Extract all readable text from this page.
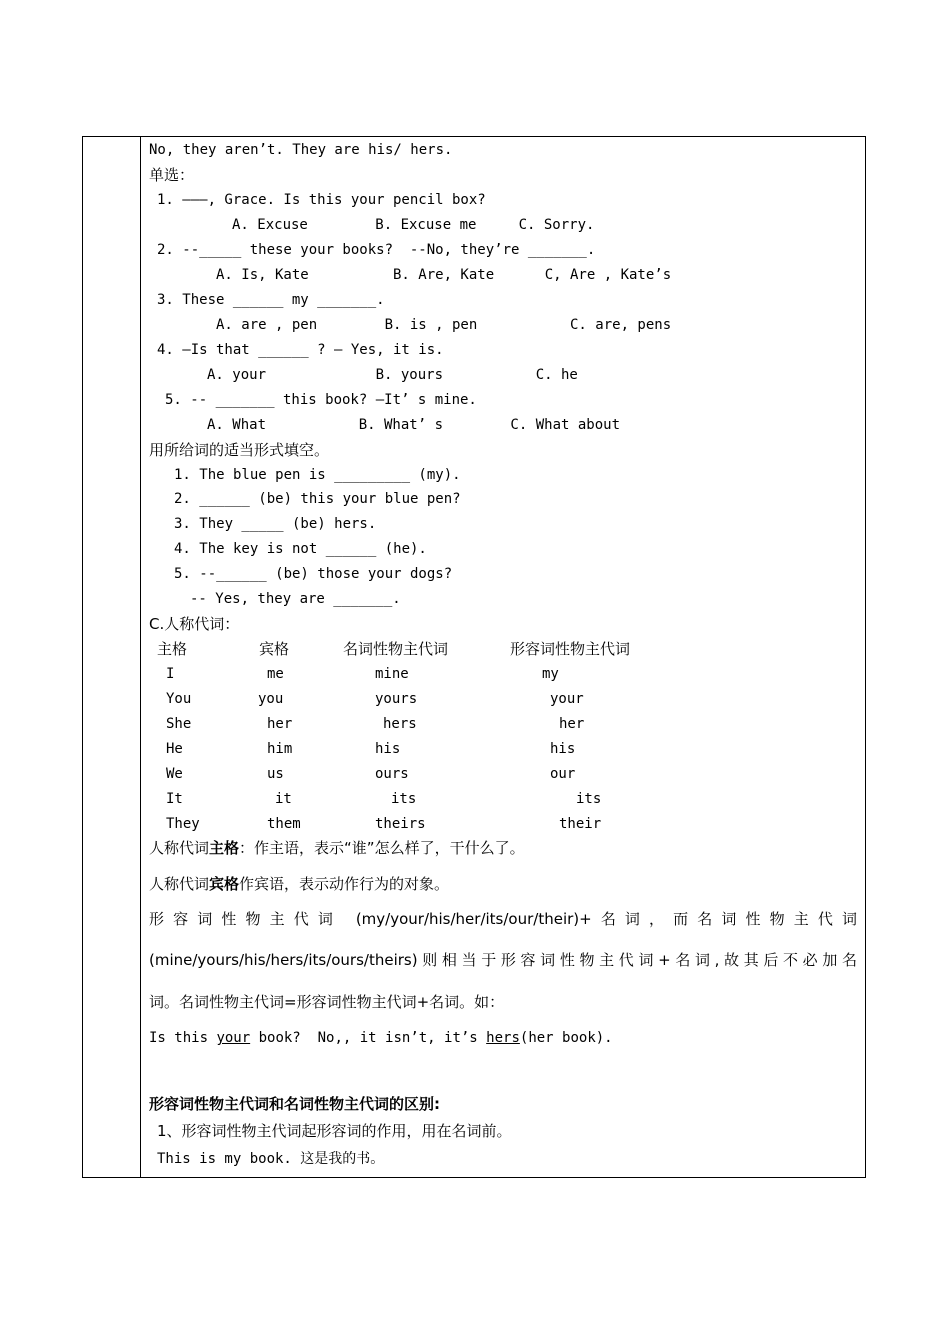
No, they aren’t. They are his/ hers.
单选：
1. ———, Grace. Is this your pencil box?
A. Excuse        B. Excuse me     C. Sorry.
2. --_____ these your books?  --No, they’re _______.
A. Is, Kate          B. Are, Kate      C, Are , Kate’s
3. These ______ my _______.
A. are , pen        B. is , pen           C. are, pens
4. –Is that ______ ? – Yes, it is.
A. your             B. yours           C. he
5. -- _______ this book? –It’ s mine.
A. What           B. What’ s        C. What about
用所给词的适当形式填空。
1. The blue pen is _________ (my).
2. ______ (be) this your blue pen?
3. They _____ (be) hers.
4. The key is not ______ (he).
5. --______ (be) those your dogs?
-- Yes, they are _______.
C.人称代词：
主格	宾格	名词性物主代词	形容词性物主代词
I	me	mine	my
You	you	yours	your
She	her	hers	her
He	him	his	his
We	us	ours	our
It	it	its	its
They	them	theirs	their
人称代词主格：作主语，表示“谁”怎么样了，干什么了。
人称代词宾格作宾语，表示动作行为的对象。
形容词性物主代词 (my/your/his/her/its/our/their)+名词，而名词性物主代词
(mine/yours/his/hers/its/ours/theirs)则相当于形容词性物主代词+名词,故其后不必加名
词。名词性物主代词=形容词性物主代词+名词。如：
Is this your book?  No,, it isn’t, it’s hers(her book).
形容词性物主代词和名词性物主代词的区别:
1、形容词性物主代词起形容词的作用，用在名词前。
This is my book. 这是我的书。
